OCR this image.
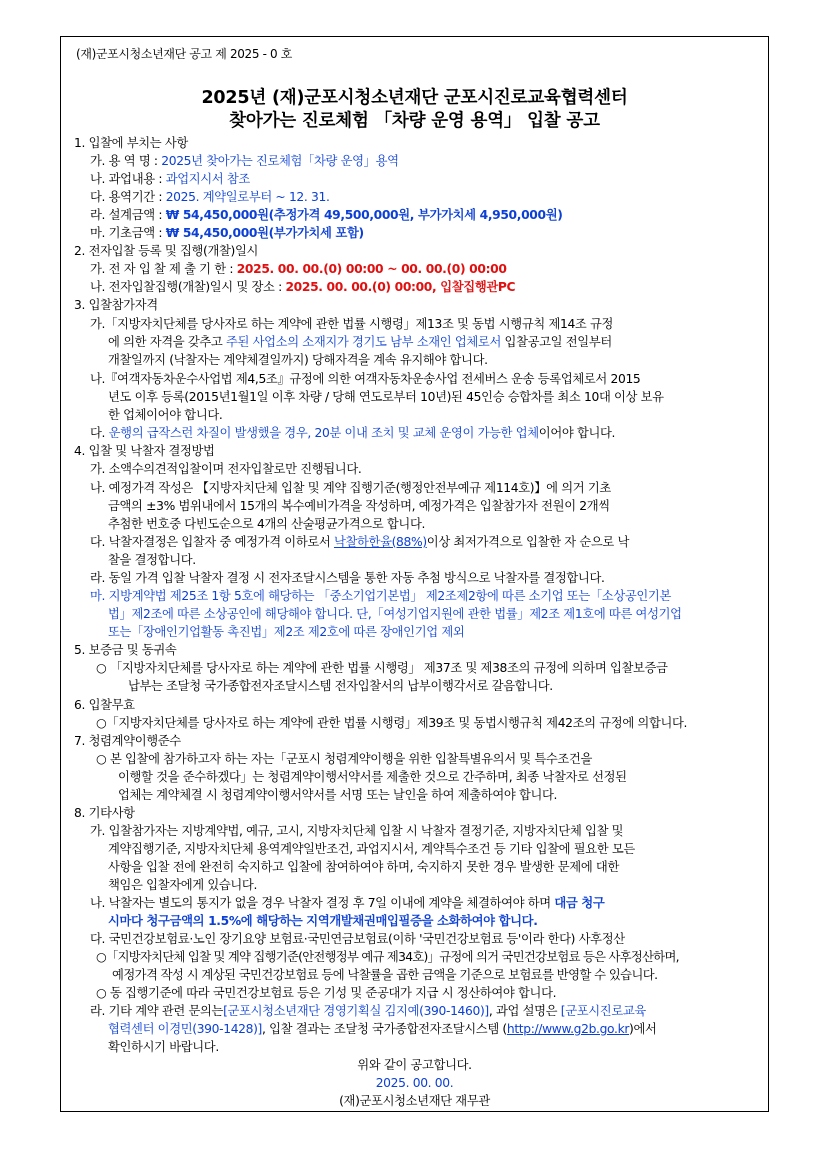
(재)군포시청소년재단 공고 제 2025 - 0 호
2025년 (재)군포시청소년재단 군포시진로교육협력센터
찾아가는 진로체험 「차량 운영 용역」 입찰 공고
1. 입찰에 부치는 사항
가. 용 역 명 : 2025년 찾아가는 진로체험「차량 운영」용역
나. 과업내용 : 과업지시서 참조
다. 용역기간 : 2025. 계약일로부터 ~ 12. 31.
라. 설계금액 : ₩ 54,450,000원(추정가격 49,500,000원, 부가가치세 4,950,000원)
마. 기초금액 : ₩ 54,450,000원(부가가치세 포함)
2. 전자입찰 등록 및 집행(개찰)일시
가. 전 자 입 찰 제 출 기 한 : 2025. 00. 00.(0) 00:00 ~ 00. 00.(0) 00:00
나. 전자입찰집행(개찰)일시 및 장소 : 2025. 00. 00.(0) 00:00, 입찰집행관PC
3. 입찰참가자격
가.「지방자치단체를 당사자로 하는 계약에 관한 법률 시행령」제13조 및 동법 시행규칙 제14조 규정
에 의한 자격을 갖추고 주된 사업소의 소재지가 경기도 남부 소재인 업체로서 입찰공고일 전일부터
개찰일까지 (낙찰자는 계약체결일까지) 당해자격을 계속 유지해야 합니다.
나.『여객자동차운수사업법 제4,5조』규정에 의한 여객자동차운송사업 전세버스 운송 등록업체로서 2015
년도 이후 등록(2015년1월1일 이후 차량 / 당해 연도로부터 10년)된 45인승 승합차를 최소 10대 이상 보유
한 업체이어야 합니다.
다. 운행의 급작스런 차질이 발생했을 경우, 20분 이내 조치 및 교체 운영이 가능한 업체이어야 합니다.
4. 입찰 및 낙찰자 결정방법
가. 소액수의견적입찰이며 전자입찰로만 진행됩니다.
나. 예정가격 작성은 【지방자치단체 입찰 및 계약 집행기준(행정안전부예규 제114호)】에 의거 기초
금액의 ±3% 범위내에서 15개의 복수예비가격을 작성하며, 예정가격은 입찰참가자 전원이 2개씩
추첨한 번호중 다빈도순으로 4개의 산술평균가격으로 합니다.
다. 낙찰자결정은 입찰자 중 예정가격 이하로서 낙찰하한율(88%)이상 최저가격으로 입찰한 자 순으로 낙
찰을 결정합니다.
라. 동일 가격 입찰 낙찰자 결정 시 전자조달시스템을 통한 자동 추첨 방식으로 낙찰자를 결정합니다.
마. 지방계약법 제25조 1항 5호에 해당하는 「중소기업기본법」 제2조제2항에 따른 소기업 또는「소상공인기본
법」제2조에 따른 소상공인에 해당해야 합니다. 단,「여성기업지원에 관한 법률」제2조 제1호에 따른 여성기업
또는「장애인기업활동 촉진법」제2조 제2호에 따른 장애인기업 제외
5. 보증금 및 동귀속
○ 「지방자치단체를 당사자로 하는 계약에 관한 법률 시행령」 제37조 및 제38조의 규정에 의하며 입찰보증금
납부는 조달청 국가종합전자조달시스템 전자입찰서의 납부이행각서로 갈음합니다.
6. 입찰무효
○「지방자치단체를 당사자로 하는 계약에 관한 법률 시행령」제39조 및 동법시행규칙 제42조의 규정에 의합니다.
7. 청렴계약이행준수
○ 본 입찰에 참가하고자 하는 자는「군포시 청렴계약이행을 위한 입찰특별유의서 및 특수조건을
이행할 것을 준수하겠다」는 청렴계약이행서약서를 제출한 것으로 간주하며, 최종 낙찰자로 선정된
업체는 계약체결 시 청렴계약이행서약서를 서명 또는 날인을 하여 제출하여야 합니다.
8. 기타사항
가. 입찰참가자는 지방계약법, 예규, 고시, 지방자치단체 입찰 시 낙찰자 결정기준, 지방자치단체 입찰 및
계약집행기준, 지방자치단체 용역계약일반조건, 과업지시서, 계약특수조건 등 기타 입찰에 필요한 모든
사항을 입찰 전에 완전히 숙지하고 입찰에 참여하여야 하며, 숙지하지 못한 경우 발생한 문제에 대한
책임은 입찰자에게 있습니다.
나. 낙찰자는 별도의 통지가 없을 경우 낙찰자 결정 후 7일 이내에 계약을 체결하여야 하며 대금 청구
시마다 청구금액의 1.5%에 해당하는 지역개발채권매입필증을 소화하여야 합니다.
다. 국민건강보험료·노인 장기요양 보험료·국민연금보험료(이하 '국민건강보험료 등'이라 한다) 사후정산
○「지방자치단체 입찰 및 계약 집행기준(안전행정부 예규 제34호)」규정에 의거 국민건강보험료 등은 사후정산하며,
예정가격 작성 시 계상된 국민건강보험료 등에 낙찰률을 곱한 금액을 기준으로 보험료를 반영할 수 있습니다.
○ 동 집행기준에 따라 국민건강보험료 등은 기성 및 준공대가 지급 시 정산하여야 합니다.
라. 기타 계약 관련 문의는[군포시청소년재단 경영기획실 김지예(390-1460)], 과업 설명은 [군포시진로교육
협력센터 이경민(390-1428)], 입찰 결과는 조달청 국가종합전자조달시스템 (http://www.g2b.go.kr)에서
확인하시기 바랍니다.
위와 같이 공고합니다.
2025. 00. 00.
(재)군포시청소년재단 재무관
